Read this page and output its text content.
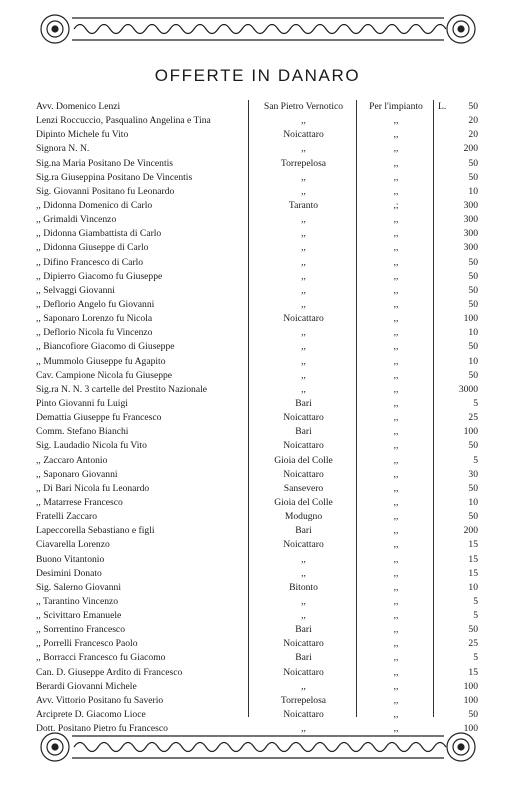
OFFERTE IN DANARO
Avv. Domenico Lenzi	San Pietro Vernotico	Per l'impianto	L.	50
Lenzi Roccuccio, Pasqualino Angelina e Tina	,,	,,	20
Dipinto Michele fu Vito	Noicattaro	,,	20
Signora N. N.	,,	,,	200
Sig.na Maria Positano De Vincentis	Torrepelosa	,,	50
Sig.ra Giuseppina Positano De Vincentis	,,	,,	50
Sig. Giovanni Positano fu Leonardo	,,	,,	10
,, Didonna Domenico di Carlo	Taranto	,;	300
,, Grimaldi Vincenzo	,,	,,	300
,, Didonna Giambattista di Carlo	,,	,,	300
,, Didonna Giuseppe di Carlo	,,	,,	300
,, Difino Francesco di Carlo	,,	,,	50
,, Dipierro Giacomo fu Giuseppe	,,	,,	50
,, Selvaggi Giovanni	,,	,,	50
,, Deflorio Angelo fu Giovanni	,,	,,	50
,, Saponaro Lorenzo fu Nicola	Noicattaro	,,	100
,, Deflorio Nicola fu Vincenzo	,,	,,	10
,, Biancofiore Giacomo di Giuseppe	,,	,,	50
,, Mummolo Giuseppe fu Agapito	,,	,,	10
Cav. Campione Nicola fu Giuseppe	,,	,,	50
Sig.ra N. N. 3 cartelle del Prestito Nazionale	,,	,,	3000
Pinto Giovanni fu Luigi	Bari	,,	5
Demattia Giuseppe fu Francesco	Noicattaro	,,	25
Comm. Stefano Bianchi	Bari	,,	100
Sig. Laudadio Nicola fu Vito	Noicattaro	,,	50
,, Zaccaro Antonio	Gioia del Colle	,,	5
,, Saponaro Giovanni	Noicattaro	,,	30
,, Di Bari Nicola fu Leonardo	Sansevero	,,	50
,, Matarrese Francesco	Gioia del Colle	,,	10
Fratelli Zaccaro	Modugno	,,	50
Lapeccorella Sebastiano e figli	Bari	,,	200
Ciavarella Lorenzo	Noicattaro	,,	15
Buono Vitantonio	,,	,,	15
Desimini Donato	,,	,,	15
Sig. Salerno Giovanni	Bitonto	,,	10
,, Tarantino Vincenzo	,,	,,	5
,, Scivittaro Emanuele	,,	,,	5
,, Sorrentino Francesco	Bari	,,	50
,, Porrelli Francesco Paolo	Noicattaro	,,	25
,, Borracci Francesco fu Giacomo	Bari	,,	5
Can. D. Giuseppe Ardito di Francesco	Noicattaro	,,	15
Berardi Giovanni Michele	,,	,,	100
Avv. Vittorio Positano fu Saverio	Torrepelosa	,,	100
Arciprete D. Giacomo Lioce	Noicattaro	,,	50
Dott. Positano Pietro fu Francesco	,,	,,	100
